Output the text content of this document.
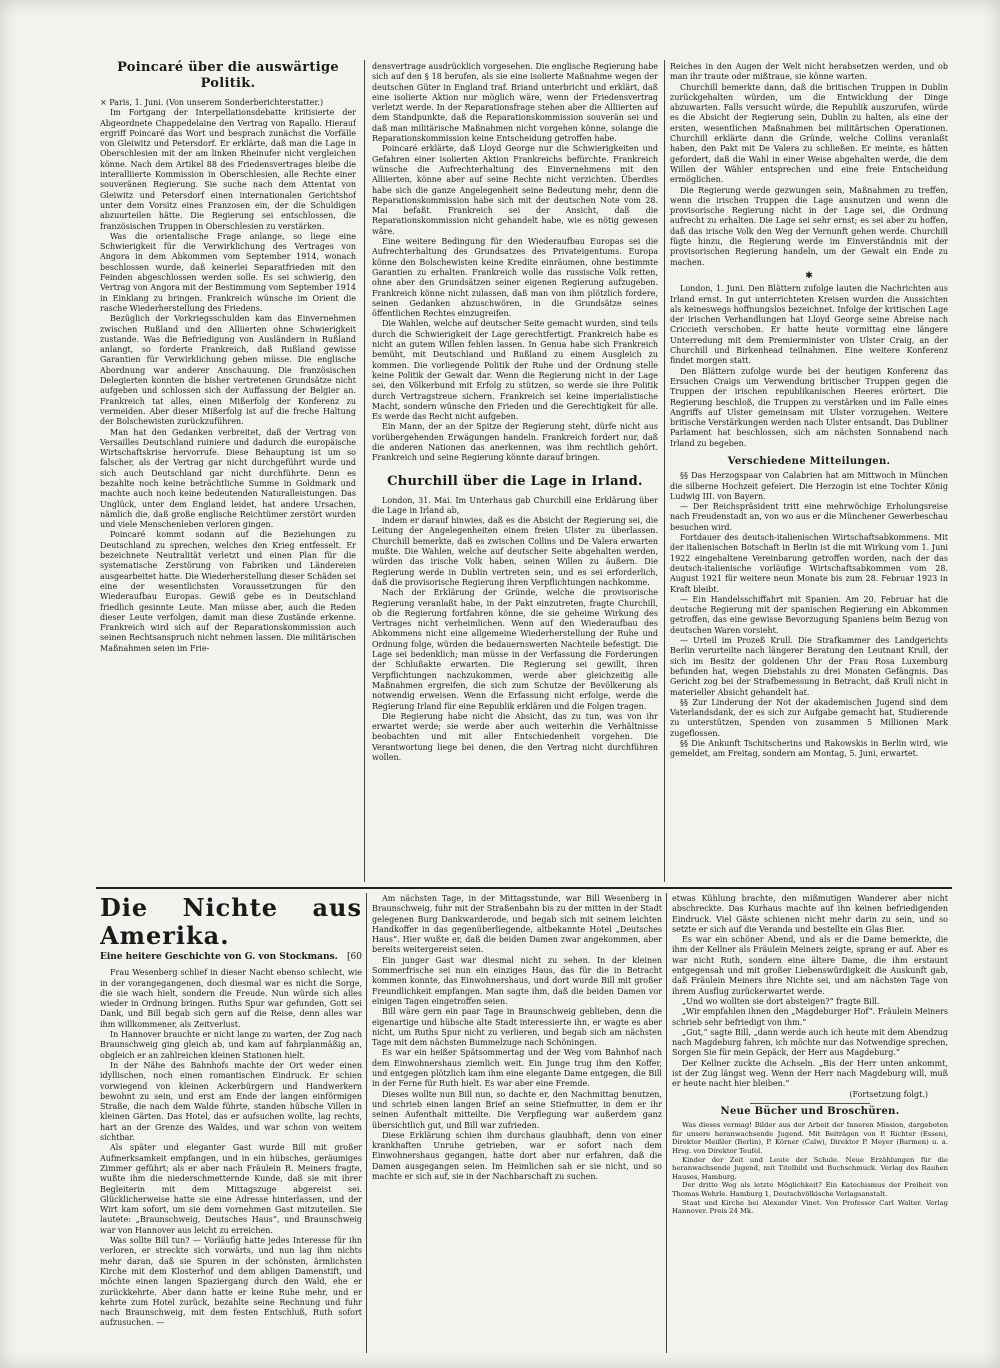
Poincaré über die auswärtige Politik.

× Paris, 1. Juni. (Von unserem Sonderberichterstatter.)

Im Fortgang der Interpellationsdebatte kritisierte der Abgeordnete Chappedelaine den Vertrag von Rapallo. Hierauf ergriff Poincaré das Wort und besprach zunächst die Vorfälle von Gleiwitz und Petersdorf. Er erklärte, daß man die Lage in Oberschlesien mit der am linken Rheinufer nicht vergleichen könne. Nach dem Artikel 88 des Friedensvertrages bleibe die interalliierte Kommission in Oberschlesien, alle Rechte einer souveränen Regierung. Sie suche nach dem Attentat von Gleiwitz und Petersdorf einen internationalen Gerichtshof unter dem Vorsitz eines Franzosen ein, der die Schuldigen abzuurteilen hätte. Die Regierung sei entschlossen, die französischen Truppen in Oberschlesien zu verstärken.

Was die orientalische Frage anlange, so liege eine Schwierigkeit für die Verwirklichung des Vertrages von Angora in dem Abkommen vom September 1914, wonach beschlossen wurde, daß keinerlei Separatfrieden mit den Feinden abgeschlossen werden solle. Es sei schwierig, den Vertrag von Angora mit der Bestimmung vom September 1914 in Einklang zu bringen. Frankreich wünsche im Orient die rasche Wiederherstellung des Friedens.

Bezüglich der Vorkriegsschulden kam das Einvernehmen zwischen Rußland und den Alliierten ohne Schwierigkeit zustande. Was die Befriedigung von Ausländern in Rußland anlangt, so forderte Frankreich, daß Rußland gewisse Garantien für Verwirklichung geben müsse. Die englische Abordnung war anderer Anschauung. Die französischen Delegierten konnten die bisher vertretenen Grundsätze nicht aufgeben und schlossen sich der Auffassung der Belgier an. Frankreich tat alles, einen Mißerfolg der Konferenz zu vermeiden. Aber dieser Mißerfolg ist auf die freche Haltung der Bolschewisten zurückzuführen.

Man hat den Gedanken verbreitet, daß der Vertrag von Versailles Deutschland ruiniere und dadurch die europäische Wirtschaftskrise hervorrufe. Diese Behauptung ist um so falscher, als der Vertrag gar nicht durchgeführt wurde und sich auch Deutschland gar nicht durchführte. Denn es bezahlte noch keine beträchtliche Summe in Goldmark und machte auch noch keine bedeutenden Naturalleistungen. Das Unglück, unter dem England leidet, hat andere Ursachen, nämlich die, daß große englische Reichtümer zerstört wurden und viele Menschenleben verloren gingen.

Poincaré kommt sodann auf die Beziehungen zu Deutschland zu sprechen, welches den Krieg entfesselt. Er bezeichnete Neutralität verletzt und einen Plan für die systematische Zerstörung von Fabriken und Ländereien ausgearbeitet hatte. Die Wiederherstellung dieser Schäden sei eine der wesentlichsten Voraussetzungen für den Wiederaufbau Europas. Gewiß gebe es in Deutschland friedlich gesinnte Leute. Man müsse aber, auch die Reden dieser Leute verfolgen, damit man diese Zustände erkenne. Frankreich wird sich auf der Reparationskommission auch seinen Rechtsanspruch nicht nehmen lassen. Die militärischen Maßnahmen seien im Frie-

densvertrage ausdrücklich vorgesehen. Die englische Regierung habe sich auf den § 18 berufen, als sie eine isolierte Maßnahme wegen der deutschen Güter in England traf. Briand unterbricht und erklärt, daß eine isolierte Aktion nur möglich wäre, wenn der Friedensvertrag verletzt werde. In der Reparationsfrage stehen aber die Alliierten auf dem Standpunkte, daß die Reparationskommission souverän sei und daß man militärische Maßnahmen nicht vorgehen könne, solange die Reparationskommission keine Entscheidung getroffen habe.

Poincaré erklärte, daß Lloyd George nur die Schwierigkeiten und Gefahren einer isolierten Aktion Frankreichs befürchte. Frankreich wünsche die Aufrechterhaltung des Einvernehmens mit den Alliierten, könne aber auf seine Rechte nicht verzichten. Überdies habe sich die ganze Angelegenheit seine Bedeutung mehr, denn die Reparationskommission habe sich mit der deutschen Note vom 28. Mai befaßt. Frankreich sei der Ansicht, daß die Reparationskommission nicht gehandelt habe, wie es nötig gewesen wäre.

Eine weitere Bedingung für den Wiederaufbau Europas sei die Aufrechterhaltung des Grundsatzes des Privateigentums. Europa könne den Bolschewisten keine Kredite einräumen, ohne bestimmte Garantien zu erhalten. Frankreich wolle das russische Volk retten, ohne aber den Grundsätzen seiner eigenen Regierung aufzugeben. Frankreich könne nicht zulassen, daß man von ihm plötzlich fordere, seinen Gedanken abzuschwören, in die Grundsätze seines öffentlichen Rechtes einzugreifen.

Die Wahlen, welche auf deutscher Seite gemacht wurden, sind teils durch die Schwierigkeit der Lage gerechtfertigt. Frankreich habe es nicht an gutem Willen fehlen lassen. In Genua habe sich Frankreich bemüht, mit Deutschland und Rußland zu einem Ausgleich zu kommen. Die vorliegende Politik der Ruhe und der Ordnung stelle keine Politik der Gewalt dar. Wenn die Regierung nicht in der Lage sei, den Völkerbund mit Erfolg zu stützen, so werde sie ihre Politik durch Vertragstreue sichern. Frankreich sei keine imperialistische Macht, sondern wünsche den Frieden und die Gerechtigkeit für alle. Es werde das Recht nicht aufgeben.

Ein Mann, der an der Spitze der Regierung steht, dürfe nicht aus vorübergehenden Erwägungen handeln. Frankreich fordert nur, daß die anderen Nationen das anerkennen, was ihm rechtlich gehört. Frankreich und seine Regierung könnte darauf bringen.

Churchill über die Lage in Irland.

London, 31. Mai. Im Unterhaus gab Churchill eine Erklärung über die Lage in Irland ab,

indem er darauf hinwies, daß es die Absicht der Regierung sei, die Leitung der Angelegenheiten einem freien Ulster zu überlassen. Churchill bemerkte, daß es zwischen Collins und De Valera erwarten mußte. Die Wahlen, welche auf deutscher Seite abgehalten werden, würden das irische Volk haben, seinen Willen zu äußern. Die Regierung werde in Dublin vertreten sein, und es sei erforderlich, daß die provisorische Regierung ihren Verpflichtungen nachkomme.

Nach der Erklärung der Gründe, welche die provisorische Regierung veranlaßt habe, in der Pakt einzutreten, fragte Churchill, ob die Regierung fortfahren könne, die sie geheime Wirkung des Vertrages nicht verheimlichen. Wenn auf den Wiederaufbau des Abkommens nicht eine allgemeine Wiederherstellung der Ruhe und Ordnung folge, würden die bedauernswerten Nachteile befestigt. Die Lage sei bedenklich; man müsse in der Verfassung die Forderungen der Schlußakte erwarten. Die Regierung sei gewillt, ihren Verpflichtungen nachzukommen, werde aber gleichzeitig alle Maßnahmen ergreifen, die sich zum Schutze der Bevölkerung als notwendig erweisen. Wenn die Erfassung nicht erfolge, werde die Regierung Irland für eine Republik erklären und die Folgen tragen.

Die Regierung habe nicht die Absicht, das zu tun, was von ihr erwartet werde; sie werde aber auch weiterhin die Verhältnisse beobachten und mit aller Entschiedenheit vorgehen. Die Verantwortung liege bei denen, die den Vertrag nicht durchführen wollen.

Reiches in den Augen der Welt nicht herabsetzen werden, und ob man ihr traute oder mißtraue, sie könne warten.

Churchill bemerkte dann, daß die britischen Truppen in Dublin zurückgehalten würden, um die Entwicklung der Dinge abzuwarten. Falls versucht würde, die Republik auszurufen, würde es die Absicht der Regierung sein, Dublin zu halten, als eine der ersten, wesentlichen Maßnahmen bei militärischen Operationen. Churchill erklärte dann die Gründe, welche Collins veranlaßt haben, den Pakt mit De Valera zu schließen. Er meinte, es hätten gefordert, daß die Wahl in einer Weise abgehalten werde, die dem Willen der Wähler entsprechen und eine freie Entscheidung ermöglichen.

Die Regierung werde gezwungen sein, Maßnahmen zu treffen, wenn die irischen Truppen die Lage ausnutzen und wenn die provisorische Regierung nicht in der Lage sei, die Ordnung aufrecht zu erhalten. Die Lage sei sehr ernst; es sei aber zu hoffen, daß das irische Volk den Weg der Vernunft gehen werde. Churchill fügte hinzu, die Regierung werde im Einverständnis mit der provisorischen Regierung handeln, um der Gewalt ein Ende zu machen.

✱

London, 1. Juni. Den Blättern zufolge lauten die Nachrichten aus Irland ernst. In gut unterrichteten Kreisen wurden die Aussichten als keineswegs hoffnungslos bezeichnet. Infolge der kritischen Lage der irischen Verhandlungen hat Lloyd George seine Abreise nach Criccieth verschoben. Er hatte heute vormittag eine längere Unterredung mit dem Premierminister von Ulster Craig, an der Churchill und Birkenhead teilnahmen. Eine weitere Konferenz findet morgen statt.

Den Blättern zufolge wurde bei der heutigen Konferenz das Ersuchen Craigs um Verwendung britischer Truppen gegen die Truppen der irischen republikanischen Heeres erörtert. Die Regierung beschloß, die Truppen zu verstärken und im Falle eines Angriffs auf Ulster gemeinsam mit Ulster vorzugehen. Weitere britische Verstärkungen werden nach Ulster entsandt. Das Dubliner Parlament hat beschlossen, sich am nächsten Sonnabend nach Irland zu begeben.

Verschiedene Mitteilungen.

§§ Das Herzogspaar von Calabrien hat am Mittwoch in München die silberne Hochzeit gefeiert. Die Herzogin ist eine Tochter König Ludwig III. von Bayern.

— Der Reichspräsident tritt eine mehrwöchige Erholungsreise nach Freudenstadt an, von wo aus er die Münchener Gewerbeschau besuchen wird.

Fortdauer des deutsch-italienischen Wirtschaftsabkommens. Mit der italienischen Botschaft in Berlin ist die mit Wirkung vom 1. Juni 1922 eingehaltene Vereinbarung getroffen worden, nach der das deutsch-italienische vorläufige Wirtschaftsabkommen vom 28. August 1921 für weitere neun Monate bis zum 28. Februar 1923 in Kraft bleibt.

— Ein Handelsschiffahrt mit Spanien. Am 20. Februar hat die deutsche Regierung mit der spanischen Regierung ein Abkommen getroffen, das eine gewisse Bevorzugung Spaniens beim Bezug von deutschen Waren vorsieht.

— Urteil im Prozeß Krull. Die Strafkammer des Landgerichts Berlin verurteilte nach längerer Beratung den Leutnant Krull, der sich im Besitz der goldenen Uhr der Frau Rosa Luxemburg befunden hat, wegen Diebstahls zu drei Monaten Gefängnis. Das Gericht zog bei der Strafbemessung in Betracht, daß Krull nicht in materieller Absicht gehandelt hat.

§§ Zur Linderung der Not der akademischen Jugend sind dem Vaterlandsdank, der es sich zur Aufgabe gemacht hat, Studierende zu unterstützen, Spenden von zusammen 5 Millionen Mark zugeflossen.

§§ Die Ankunft Tschitscherins und Rakowskis in Berlin wird, wie gemeldet, am Freitag, sondern am Montag, 5. Juni, erwartet.

Die Nichte aus Amerika.
[60
Eine heitere Geschichte von G. von Stockmans.

Frau Wesenberg schlief in dieser Nacht ebenso schlecht, wie in der vorangegangenen, doch diesmal war es nicht die Sorge, die sie wach hielt, sondern die Freude. Nun würde sich alles wieder in Ordnung bringen. Ruths Spur war gefunden, Gott sei Dank, und Bill begab sich gern auf die Reise, denn alles war ihm willkommener, als Zeitverlust.

In Hannover brauchte er nicht lange zu warten, der Zug nach Braunschweig ging gleich ab, und kam auf fahrplanmäßig an, obgleich er an zahlreichen kleinen Stationen hielt.

In der Nähe des Bahnhofs machte der Ort weder einen idyllischen, noch einen romantischen Eindruck. Er schien vorwiegend von kleinen Ackerbürgern und Handwerkern bewohnt zu sein, und erst am Ende der langen einförmigen Straße, die nach dem Walde führte, standen hübsche Villen in kleinen Gärten. Das Hotel, das er aufsuchen wollte, lag rechts, hart an der Grenze des Waldes, und war schon von weitem sichtbar.

Als später und eleganter Gast wurde Bill mit großer Aufmerksamkeit empfangen, und in ein hübsches, geräumiges Zimmer geführt; als er aber nach Fräulein R. Meiners fragte, wußte ihm die niederschmetternde Kunde, daß sie mit ihrer Begleiterin mit dem Mittagszuge abgereist sei. Glücklicherweise hatte sie eine Adresse hinterlassen, und der Wirt kam sofort, um sie dem vornehmen Gast mitzuteilen. Sie lautete: „Braunschweig, Deutsches Haus“, und Braunschweig war von Hannover aus leicht zu erreichen.

Was sollte Bill tun? — Vorläufig hatte jedes Interesse für ihn verloren, er streckte sich vorwärts, und nun lag ihm nichts mehr daran, daß sie Spuren in der schönsten, ärmlichsten Kirche mit dem Klosterhof und dem abligen Damenstift, und möchte einen langen Spaziergang durch den Wald, ehe er zurückkehrte. Aber dann hatte er keine Ruhe mehr, und er kehrte zum Hotel zurück, bezahlte seine Rechnung und fuhr nach Braunschweig, mit dem festen Entschluß, Ruth sofort aufzusuchen. —

Am nächsten Tage, in der Mittagsstunde, war Bill Wesenberg in Braunschweig, fuhr mit der Straßenbahn bis zu der mitten in der Stadt gelegenen Burg Dankwarderode, und begab sich mit seinem leichten Handkoffer in das gegenüberliegende, altbekannte Hotel „Deutsches Haus“. Hier wußte er, daß die beiden Damen zwar angekommen, aber bereits weitergereist seien.

Ein junger Gast war diesmal nicht zu sehen. In der kleinen Sommerfrische sei nun ein einziges Haus, das für die in Betracht kommen konnte, das Einwohnershaus, und dort wurde Bill mit großer Freundlichkeit empfangen. Man sagte ihm, daß die beiden Damen vor einigen Tagen eingetroffen seien.

Bill wäre gern ein paar Tage in Braunschweig geblieben, denn die eigenartige und hübsche alte Stadt interessierte ihn, er wagte es aber nicht, um Ruths Spur nicht zu verlieren, und begab sich am nächsten Tage mit dem nächsten Bummelzuge nach Schöningen.

Es war ein heißer Spätsommertag und der Weg vom Bahnhof nach dem Einwohnershaus ziemlich weit. Ein Junge trug ihm den Koffer, und entgegen plötzlich kam ihm eine elegante Dame entgegen, die Bill in der Ferne für Ruth hielt. Es war aber eine Fremde.

Dieses wollte nun Bill nun, so dachte er, den Nachmittag benutzen, und schrieb einen langen Brief an seine Stiefmutter, in dem er ihr seinen Aufenthalt mitteilte. Die Verpflegung war außerdem ganz übersichtlich gut, und Bill war zufrieden.

Diese Erklärung schien ihm durchaus glaubhaft, denn von einer krankhaften Unruhe getrieben, war er sofort nach dem Einwohnershaus gegangen, hatte dort aber nur erfahren, daß die Damen ausgegangen seien. Im Heimlichen sah er sie nicht, und so machte er sich auf, sie in der Nachbarschaft zu suchen.

etwas Kühlung brachte, den mißmutigen Wanderer aber nicht abschreckte. Das Kurhaus machte auf ihn keinen befriedigenden Eindruck. Viel Gäste schienen nicht mehr darin zu sein, und so setzte er sich auf die Veranda und bestellte ein Glas Bier.

Es war ein schöner Abend, und als er die Dame bemerkte, die ihm der Kellner als Fräulein Meiners zeigte, sprang er auf. Aber es war nicht Ruth, sondern eine ältere Dame, die ihm erstaunt entgegensah und mit großer Liebenswürdigkeit die Auskunft gab, daß Fräulein Meiners ihre Nichte sei, und am nächsten Tage von ihrem Ausflug zurückerwartet werde.

„Und wo wollten sie dort absteigen?“ fragte Bill.

„Wir empfahlen ihnen den „Magdeburger Hof“. Fräulein Meiners schrieb sehr befriedigt von ihm.“

„Gut,“ sagte Bill, „dann werde auch ich heute mit dem Abendzug nach Magdeburg fahren, ich möchte nur das Notwendige sprechen, Sorgen Sie für mein Gepäck, der Herr aus Magdeburg.“

Der Kellner zuckte die Achseln. „Bis der Herr unten ankommt, ist der Zug längst weg. Wenn der Herr nach Magdeburg will, muß er heute nacht hier bleiben.“

(Fortsetzung folgt.)

Neue Bücher und Broschüren.

Was dieses vermag! Bilder aus der Arbeit der Inneren Mission, dargeboten für unsere heranwachsende Jugend. Mit Beiträgen von P. Richter (Essen), Direktor Meißler (Berlin), P. Körner (Calw), Direktor P. Meyer (Barmen) u. a. Hrsg. von Direktor Teufel.

Kinder der Zeit und Leute der Schule. Neue Erzählungen für die heranwachsende Jugend, mit Titelbild und Buchschmuck. Verlag des Rauhen Hauses, Hamburg.

Der dritte Weg als letzte Möglichkeit? Ein Katechismus der Freiheit von Thomas Wehrle. Hamburg 1, Deutschvölkische Verlagsanstalt.

Staat und Kirche bei Alexander Vinet. Von Professor Carl Walter. Verlag Hannover. Preis 24 Mk.
